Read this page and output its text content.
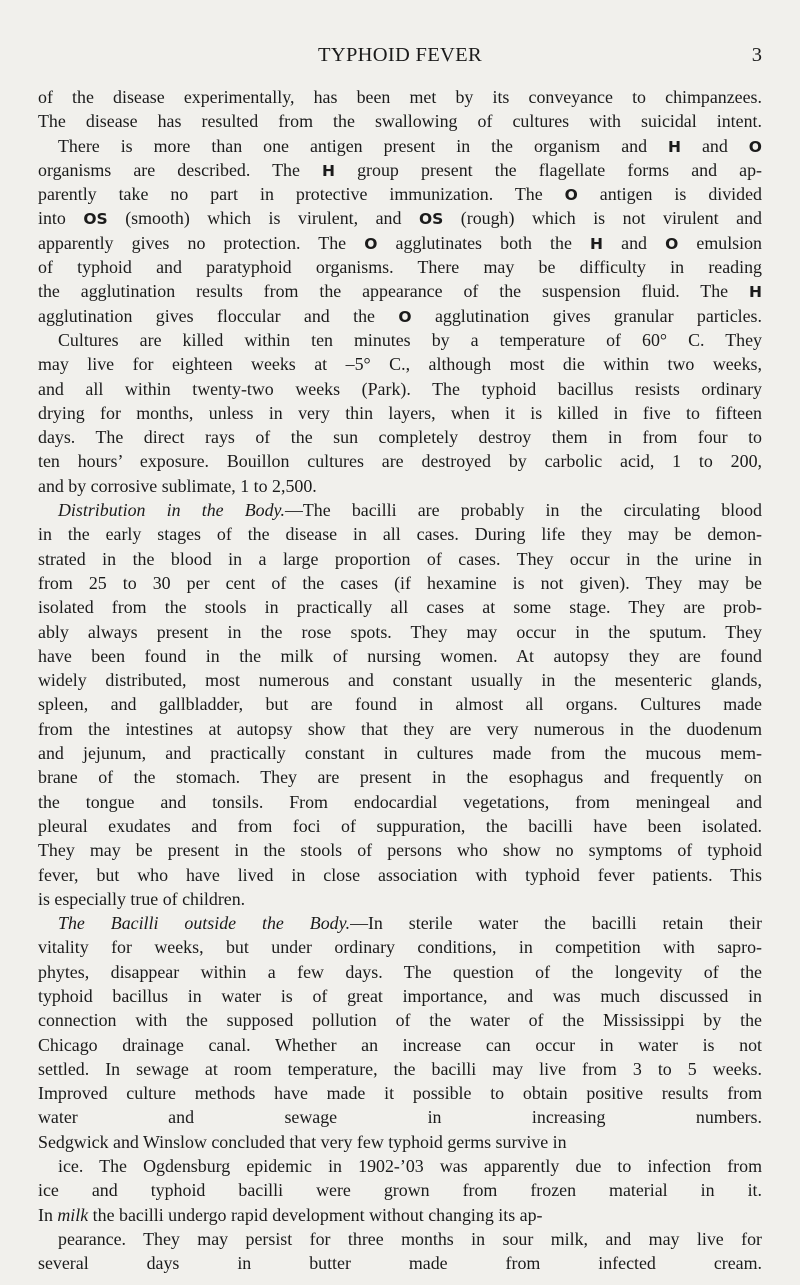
TYPHOID FEVER	3
of the disease experimentally, has been met by its conveyance to chimpanzees.
The disease has resulted from the swallowing of cultures with suicidal intent.
There is more than one antigen present in the organism and H and O
organisms are described. The H group present the flagellate forms and ap-
parently take no part in protective immunization. The O antigen is divided
into OS (smooth) which is virulent, and OS (rough) which is not virulent and
apparently gives no protection. The O agglutinates both the H and O emulsion
of typhoid and paratyphoid organisms. There may be difficulty in reading
the agglutination results from the appearance of the suspension fluid. The H
agglutination gives floccular and the O agglutination gives granular particles.
Cultures are killed within ten minutes by a temperature of 60° C. They
may live for eighteen weeks at –5° C., although most die within two weeks,
and all within twenty-two weeks (Park). The typhoid bacillus resists ordinary
drying for months, unless in very thin layers, when it is killed in five to fifteen
days. The direct rays of the sun completely destroy them in from four to
ten hours’ exposure. Bouillon cultures are destroyed by carbolic acid, 1 to 200,
and by corrosive sublimate, 1 to 2,500.
Distribution in the Body.—The bacilli are probably in the circulating blood
in the early stages of the disease in all cases. During life they may be demon-
strated in the blood in a large proportion of cases. They occur in the urine in
from 25 to 30 per cent of the cases (if hexamine is not given). They may be
isolated from the stools in practically all cases at some stage. They are prob-
ably always present in the rose spots. They may occur in the sputum. They
have been found in the milk of nursing women. At autopsy they are found
widely distributed, most numerous and constant usually in the mesenteric glands,
spleen, and gallbladder, but are found in almost all organs. Cultures made
from the intestines at autopsy show that they are very numerous in the duodenum
and jejunum, and practically constant in cultures made from the mucous mem-
brane of the stomach. They are present in the esophagus and frequently on
the tongue and tonsils. From endocardial vegetations, from meningeal and
pleural exudates and from foci of suppuration, the bacilli have been isolated.
They may be present in the stools of persons who show no symptoms of typhoid
fever, but who have lived in close association with typhoid fever patients. This
is especially true of children.
The Bacilli outside the Body.—In sterile water the bacilli retain their
vitality for weeks, but under ordinary conditions, in competition with sapro-
phytes, disappear within a few days. The question of the longevity of the
typhoid bacillus in water is of great importance, and was much discussed in
connection with the supposed pollution of the water of the Mississippi by the
Chicago drainage canal. Whether an increase can occur in water is not
settled. In sewage at room temperature, the bacilli may live from 3 to 5 weeks.
Improved culture methods have made it possible to obtain positive results from
water and sewage in increasing numbers.
Sedgwick and Winslow concluded that very few typhoid germs survive in
ice. The Ogdensburg epidemic in 1902-’03 was apparently due to infection from
ice and typhoid bacilli were grown from frozen material in it.
In milk the bacilli undergo rapid development without changing its ap-
pearance. They may persist for three months in sour milk, and may live for
several days in butter made from infected cream.
